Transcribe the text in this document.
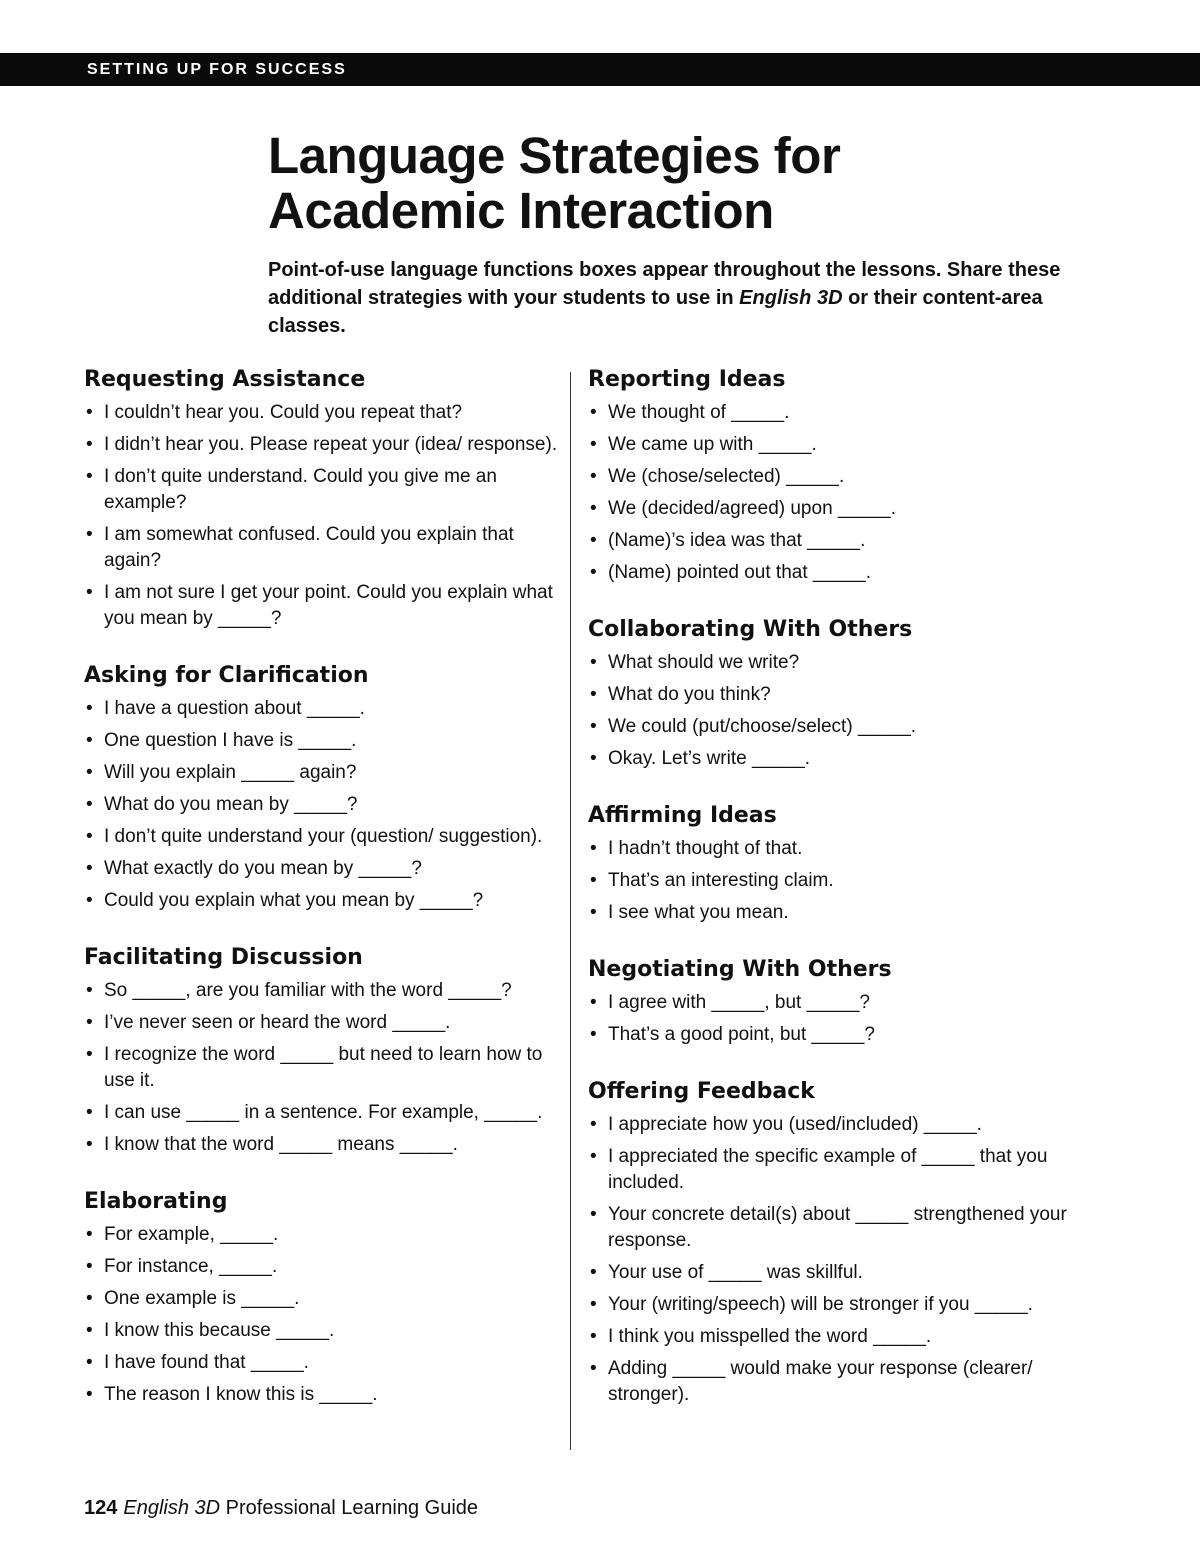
SETTING UP FOR SUCCESS
Language Strategies for
Academic Interaction

Point-of-use language functions boxes appear throughout the lessons. Share these additional strategies with your students to use in English 3D or their content-area classes.

Requesting Assistance
• I couldn’t hear you. Could you repeat that?
• I didn’t hear you. Please repeat your (idea/ response).
• I don’t quite understand. Could you give me an example?
• I am somewhat confused. Could you explain that again?
• I am not sure I get your point. Could you explain what you mean by _____?
Asking for Clarification
• I have a question about _____.
• One question I have is _____.
• Will you explain _____ again?
• What do you mean by _____?
• I don’t quite understand your (question/ suggestion).
• What exactly do you mean by _____?
• Could you explain what you mean by _____?
Facilitating Discussion
• So _____, are you familiar with the word _____?
• I’ve never seen or heard the word _____.
• I recognize the word _____ but need to learn how to use it.
• I can use _____ in a sentence. For example, _____.
• I know that the word _____ means _____.
Elaborating
• For example, _____.
• For instance, _____.
• One example is _____.
• I know this because _____.
• I have found that _____.
• The reason I know this is _____.
Reporting Ideas
• We thought of _____.
• We came up with _____.
• We (chose/selected) _____.
• We (decided/agreed) upon _____.
• (Name)’s idea was that _____.
• (Name) pointed out that _____.
Collaborating With Others
• What should we write?
• What do you think?
• We could (put/choose/select) _____.
• Okay. Let’s write _____.
Affirming Ideas
• I hadn’t thought of that.
• That’s an interesting claim.
• I see what you mean.
Negotiating With Others
• I agree with _____, but _____?
• That’s a good point, but _____?
Offering Feedback
• I appreciate how you (used/included) _____.
• I appreciated the specific example of _____ that you included.
• Your concrete detail(s) about _____ strengthened your response.
• Your use of _____ was skillful.
• Your (writing/speech) will be stronger if you _____.
• I think you misspelled the word _____.
• Adding _____ would make your response (clearer/ stronger).
124 English 3D Professional Learning Guide
